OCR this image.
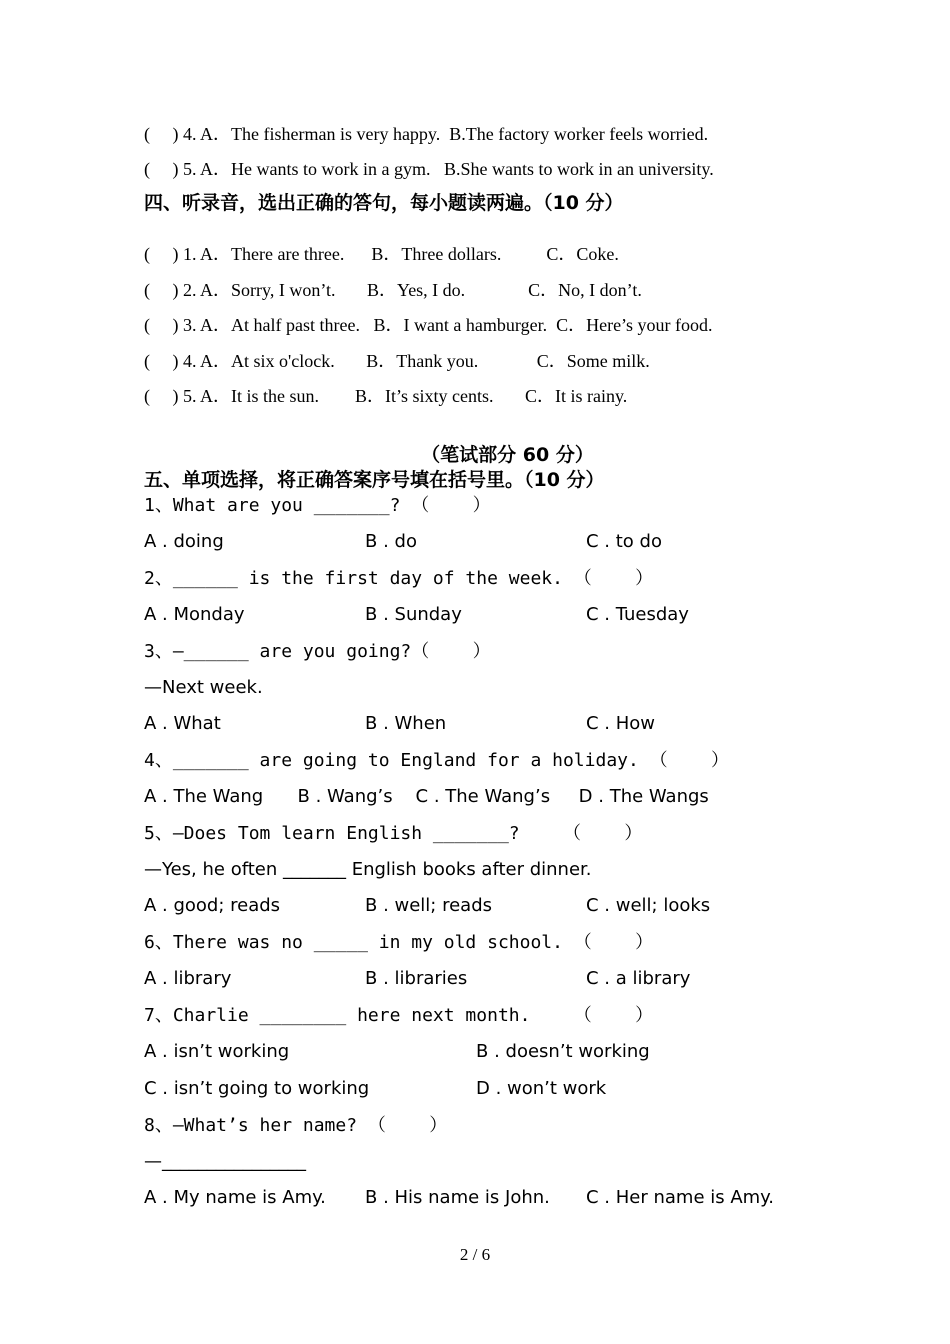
(     ) 4. A．The fisherman is very happy.  B.The factory worker feels worried.
(     ) 5. A．He wants to work in a gym.   B.She wants to work in an university.
四、听录音，选出正确的答句，每小题读两遍。（10 分）
(     ) 1. A．There are three.      B．Three dollars.          C．Coke.
(     ) 2. A．Sorry, I won’t.       B．Yes, I do.              C．No, I don’t.
(     ) 3. A．At half past three.   B．I want a hamburger.  C．Here’s your food.
(     ) 4. A．At six o'clock.       B．Thank you.             C．Some milk.
(     ) 5. A．It is the sun.        B．It’s sixty cents.       C．It is rainy.
（笔试部分 60 分）
五、单项选择，将正确答案序号填在括号里。（10 分）
1、What are you _______? （    ）
A . doing	B . do	C . to do
2、______ is the first day of the week. （    ）
A . Monday	B . Sunday	C . Tuesday
3、—______ are you going?（    ）
—Next week.
A . What	B . When	C . How
4、_______ are going to England for a holiday. （    ）
A . The Wang      B . Wang’s    C . The Wang’s     D . The Wangs
5、—Does Tom learn English _______?    （    ）
—Yes, he often _______ English books after dinner.
A . good; reads	B . well; reads	C . well; looks
6、There was no _____ in my old school. （    ）
A . library	B . libraries	C . a library
7、Charlie ________ here next month.    （    ）
A . isn’t working	B . doesn’t working
C . isn’t going to working	D . won’t work
8、—What’s her name? （    ）
—________________
A . My name is Amy. B . His name is John. C . Her name is Amy.
2 / 6
